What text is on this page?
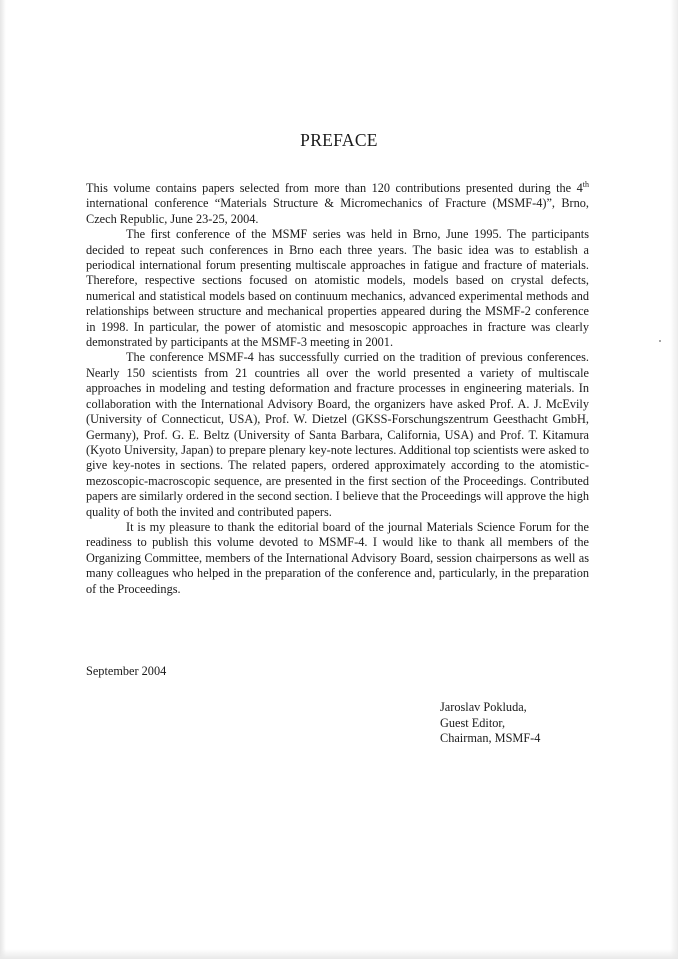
PREFACE

This volume contains papers selected from more than 120 contributions presented during the 4th international conference “Materials Structure & Micromechanics of Fracture (MSMF-4)”, Brno, Czech Republic, June 23-25, 2004.

The first conference of the MSMF series was held in Brno, June 1995. The participants decided to repeat such conferences in Brno each three years. The basic idea was to establish a periodical international forum presenting multiscale approaches in fatigue and fracture of materials. Therefore, respective sections focused on atomistic models, models based on crystal defects, numerical and statistical models based on continuum mechanics, advanced experimental methods and relationships between structure and mechanical properties appeared during the MSMF-2 conference in 1998. In particular, the power of atomistic and mesoscopic approaches in fracture was clearly demonstrated by participants at the MSMF-3 meeting in 2001.

The conference MSMF-4 has successfully curried on the tradition of previous conferences. Nearly 150 scientists from 21 countries all over the world presented a variety of multiscale approaches in modeling and testing deformation and fracture processes in engineering materials. In collaboration with the International Advisory Board, the organizers have asked Prof. A. J. McEvily (University of Connecticut, USA), Prof. W. Dietzel (GKSS-Forschungszentrum Geesthacht GmbH, Germany), Prof. G. E. Beltz (University of Santa Barbara, California, USA) and Prof. T. Kitamura (Kyoto University, Japan) to prepare plenary key-note lectures. Additional top scientists were asked to give key-notes in sections. The related papers, ordered approximately according to the atomistic-mezoscopic-macroscopic sequence, are presented in the first section of the Proceedings. Contributed papers are similarly ordered in the second section. I believe that the Proceedings will approve the high quality of both the invited and contributed papers.

It is my pleasure to thank the editorial board of the journal Materials Science Forum for the readiness to publish this volume devoted to MSMF-4. I would like to thank all members of the Organizing Committee, members of the International Advisory Board, session chairpersons as well as many colleagues who helped in the preparation of the conference and, particularly, in the preparation of the Proceedings.

September 2004

Jaroslav Pokluda,
Guest Editor,
Chairman, MSMF-4
